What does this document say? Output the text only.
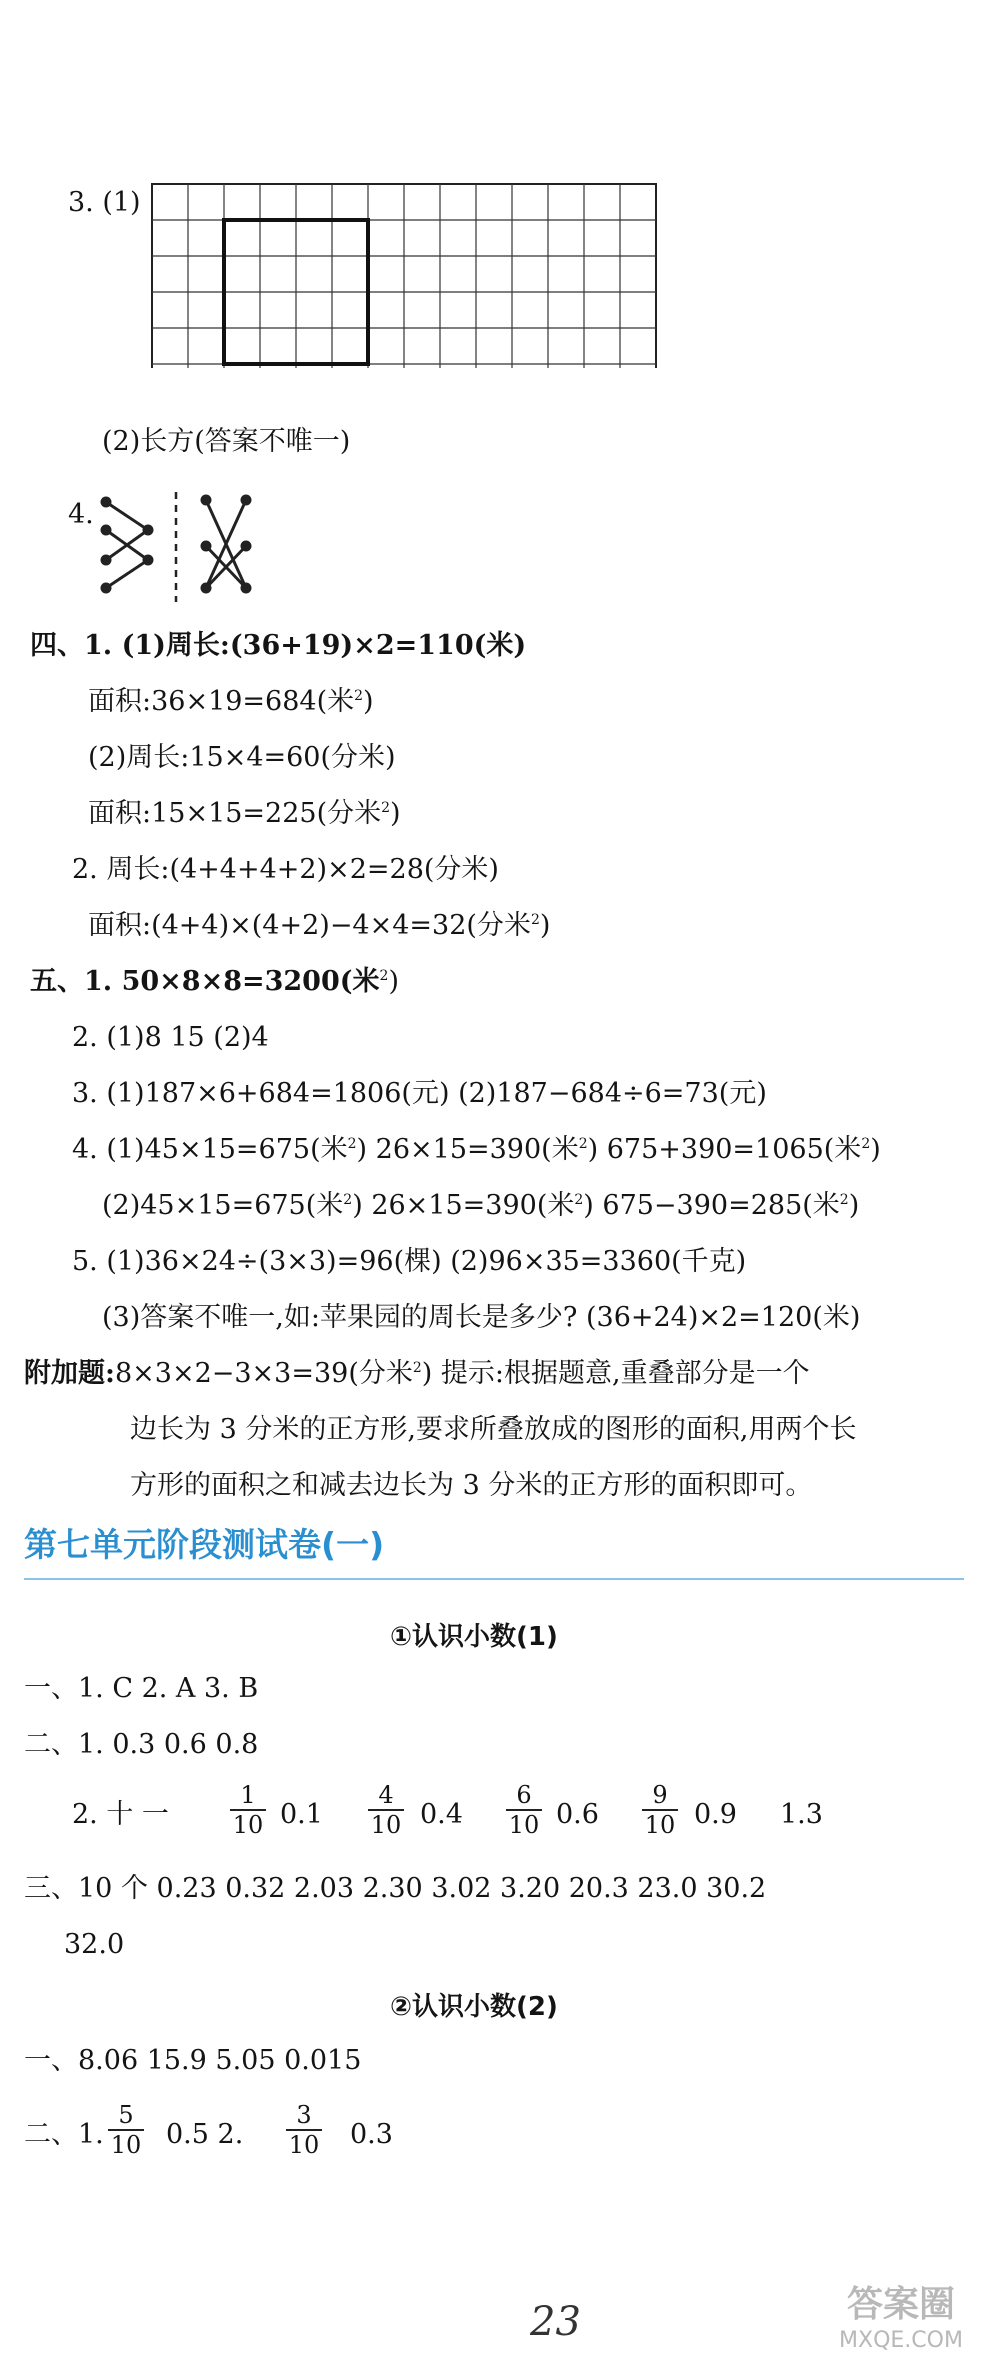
3. (1)
(2)长方(答案不唯一)
4.
四、1. (1)周长:(36+19)×2=110(米)
面积:36×19=684(米$^2$)
(2)周长:15×4=60(分米)
面积:15×15=225(分米$^2$)
2. 周长:(4+4+4+2)×2=28(分米)
面积:(4+4)×(4+2)−4×4=32(分米$^2$)
五、1. 50×8×8=3200(米$^2$)
2. (1)8 15 (2)4
3. (1)187×6+684=1806(元) (2)187−684÷6=73(元)
4. (1)45×15=675(米$^2$) 26×15=390(米$^2$) 675+390=1065(米$^2$)
(2)45×15=675(米$^2$) 26×15=390(米$^2$) 675−390=285(米$^2$)
5. (1)36×24÷(3×3)=96(棵) (2)96×35=3360(千克)
(3)答案不唯一,如:苹果园的周长是多少? (36+24)×2=120(米)
附加题:8×3×2−3×3=39(分米$^2$) 提示:根据题意,重叠部分是一个
边长为 3 分米的正方形,要求所叠放成的图形的面积,用两个长
方形的面积之和减去边长为 3 分米的正方形的面积即可。
第七单元阶段测试卷(一)
①认识小数(1)
一、1. C 2. A 3. B
二、1. 0.3 0.6 0.8
2. 十 一
1
10 0.1
4
10 0.4
6
10 0.6
9
10 0.9 1.3
三、10 个 0.23 0.32 2.03 2.30 3.02 3.20 20.3 23.0 30.2
32.0
②认识小数(2)
一、8.06 15.9 5.05 0.015
二、1.
5
10 0.5 2.
3
10 0.3
23	答案圈
MXQE.COM
